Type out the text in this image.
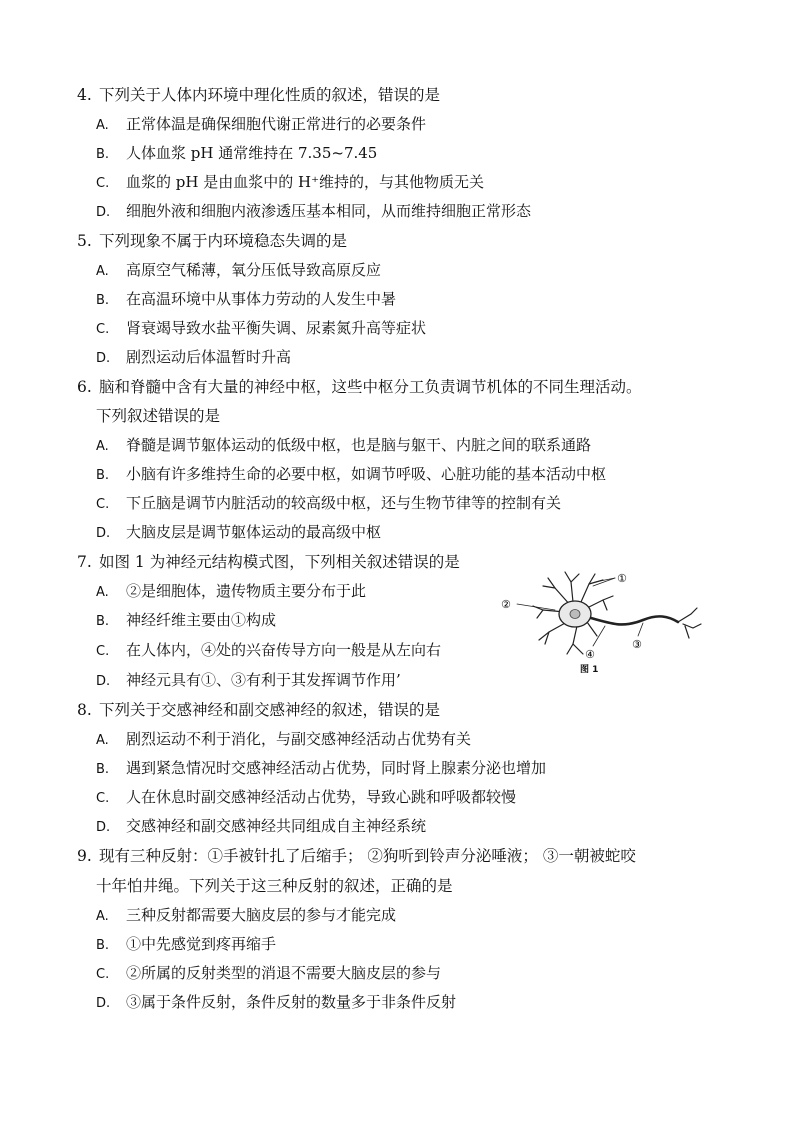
4. 下列关于人体内环境中理化性质的叙述，错误的是
A. 正常体温是确保细胞代谢正常进行的必要条件
B. 人体血浆 pH 通常维持在 7.35~7.45
C. 血浆的 pH 是由血浆中的 H⁺维持的，与其他物质无关
D. 细胞外液和细胞内液渗透压基本相同，从而维持细胞正常形态
5. 下列现象不属于内环境稳态失调的是
A. 高原空气稀薄，氧分压低导致高原反应
B. 在高温环境中从事体力劳动的人发生中暑
C. 肾衰竭导致水盐平衡失调、尿素氮升高等症状
D. 剧烈运动后体温暂时升高
6. 脑和脊髓中含有大量的神经中枢，这些中枢分工负责调节机体的不同生理活动。
下列叙述错误的是
A. 脊髓是调节躯体运动的低级中枢，也是脑与躯干、内脏之间的联系通路
B. 小脑有许多维持生命的必要中枢，如调节呼吸、心脏功能的基本活动中枢
C. 下丘脑是调节内脏活动的较高级中枢，还与生物节律等的控制有关
D. 大脑皮层是调节躯体运动的最高级中枢
7. 如图 1 为神经元结构模式图，下列相关叙述错误的是
A. ②是细胞体，遗传物质主要分布于此
B. 神经纤维主要由①构成
C. 在人体内，④处的兴奋传导方向一般是从左向右
D. 神经元具有①、③有利于其发挥调节作用’
①
②
③
④
图 1
8. 下列关于交感神经和副交感神经的叙述，错误的是
A. 剧烈运动不利于消化，与副交感神经活动占优势有关
B. 遇到紧急情况时交感神经活动占优势，同时肾上腺素分泌也增加
C. 人在休息时副交感神经活动占优势，导致心跳和呼吸都较慢
D. 交感神经和副交感神经共同组成自主神经系统
9. 现有三种反射：①手被针扎了后缩手； ②狗听到铃声分泌唾液； ③一朝被蛇咬
十年怕井绳。下列关于这三种反射的叙述，正确的是
A. 三种反射都需要大脑皮层的参与才能完成
B. ①中先感觉到疼再缩手
C. ②所属的反射类型的消退不需要大脑皮层的参与
D. ③属于条件反射，条件反射的数量多于非条件反射
